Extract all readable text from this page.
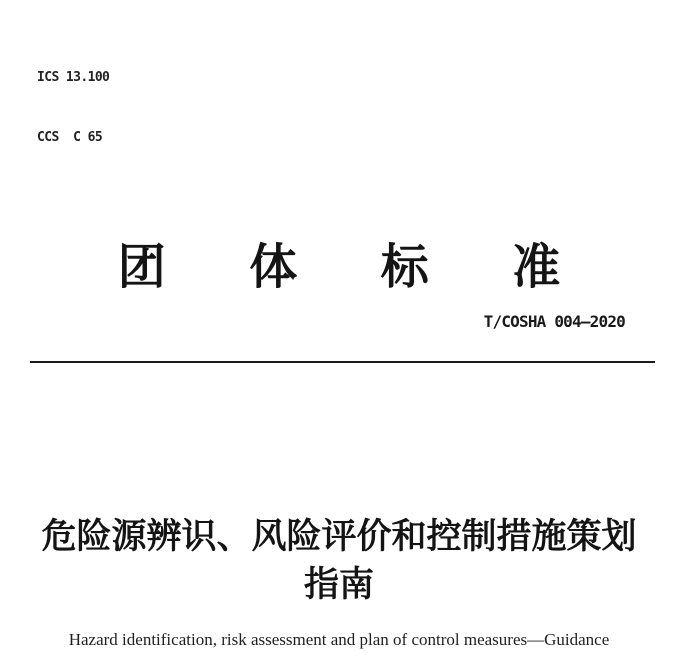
ICS 13.100

CCS  C 65

团体标准
T/COSHA 004—2020
危险源辨识、风险评价和控制措施策划
指南
Hazard identification, risk assessment and plan of control measures—Guidance
